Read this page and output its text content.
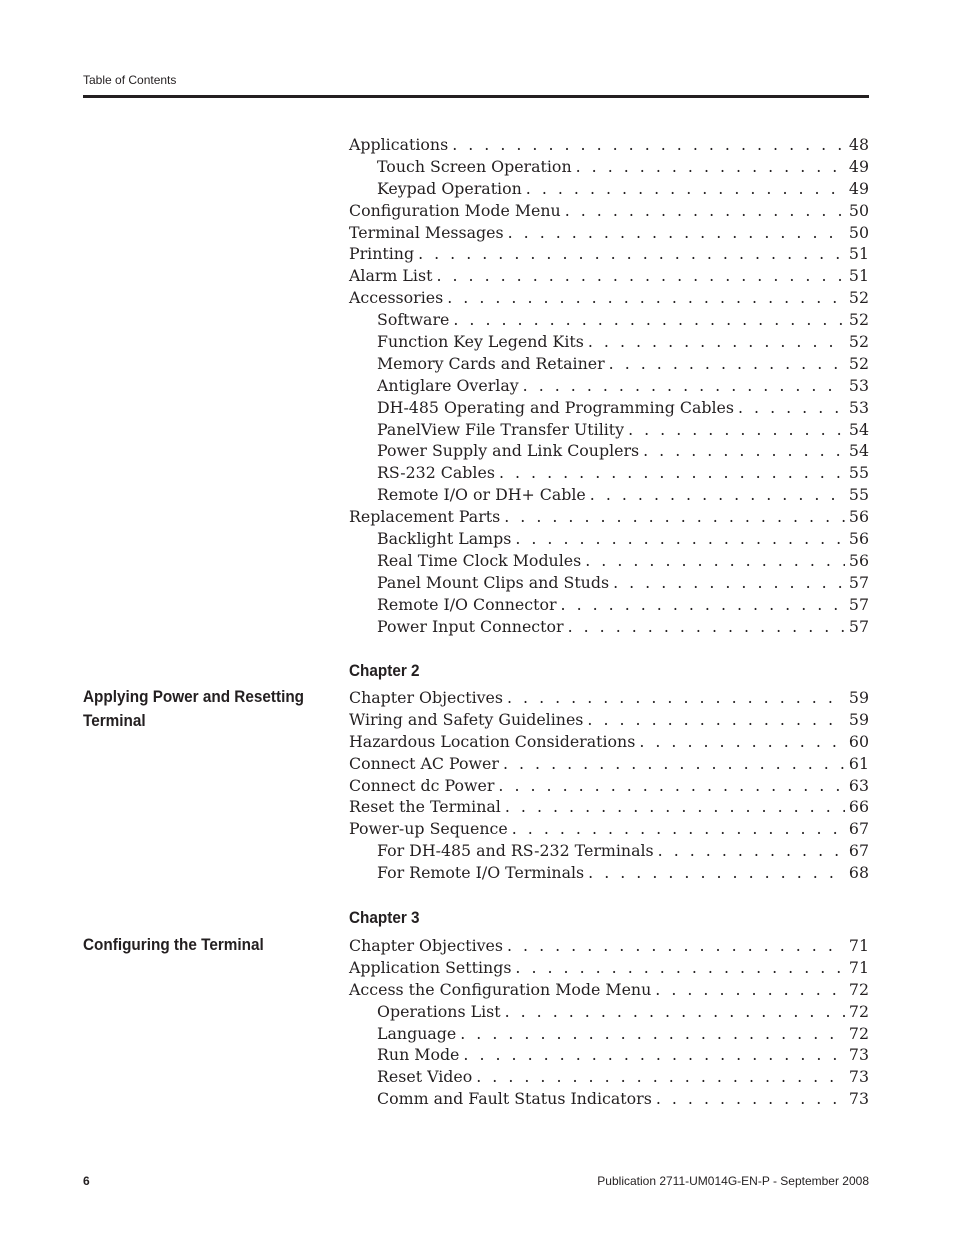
Table of Contents
Applications . . .	48
Touch Screen Operation . . .	49
Keypad Operation . . .	49
Configuration Mode Menu . . .	50
Terminal Messages . . .	50
Printing . . .	51
Alarm List . . .	51
Accessories . . .	52
Software . . .	52
Function Key Legend Kits . . .	52
Memory Cards and Retainer . . .	52
Antiglare Overlay . . .	53
DH-485 Operating and Programming Cables . . .	53
PanelView File Transfer Utility . . .	54
Power Supply and Link Couplers . . .	54
RS-232 Cables . . .	55
Remote I/O or DH+ Cable . . .	55
Replacement Parts . . .	56
Backlight Lamps . . .	56
Real Time Clock Modules . . .	56
Panel Mount Clips and Studs . . .	57
Remote I/O Connector . . .	57
Power Input Connector . . .	57
Chapter 2
Applying Power and Resetting Terminal
Chapter Objectives . . .	59
Wiring and Safety Guidelines . . .	59
Hazardous Location Considerations . . .	60
Connect AC Power . . .	61
Connect dc Power . . .	63
Reset the Terminal . . .	66
Power-up Sequence . . .	67
For DH-485 and RS-232 Terminals . . .	67
For Remote I/O Terminals . . .	68
Chapter 3
Configuring the Terminal	Chapter Objectives . . .	71
Application Settings . . .	71
Access the Configuration Mode Menu . . .	72
Operations List . . .	72
Language . . .	72
Run Mode . . .	73
Reset Video . . .	73
Comm and Fault Status Indicators . . .	73
6	Publication 2711-UM014G-EN-P - September 2008
